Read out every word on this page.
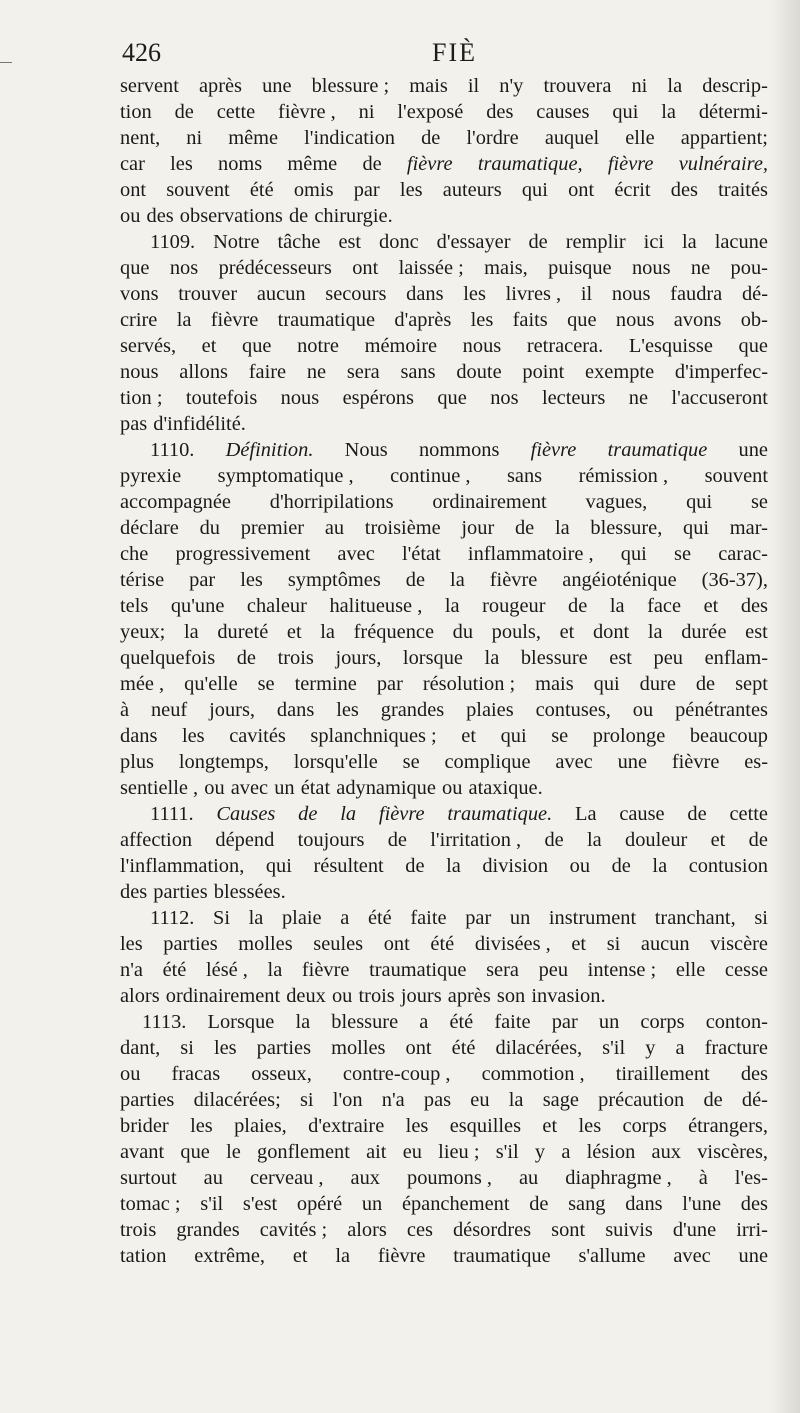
426	FIÈ
servent après une blessure ; mais il n'y trouvera ni la descrip-
tion de cette fièvre , ni l'exposé des causes qui la détermi-
nent, ni même l'indication de l'ordre auquel elle appartient;
car les noms même de fièvre traumatique, fièvre vulnéraire,
ont souvent été omis par les auteurs qui ont écrit des traités
ou des observations de chirurgie.
1109. Notre tâche est donc d'essayer de remplir ici la lacune
que nos prédécesseurs ont laissée ; mais, puisque nous ne pou-
vons trouver aucun secours dans les livres , il nous faudra dé-
crire la fièvre traumatique d'après les faits que nous avons ob-
servés, et que notre mémoire nous retracera. L'esquisse que
nous allons faire ne sera sans doute point exempte d'imperfec-
tion ; toutefois nous espérons que nos lecteurs ne l'accuseront
pas d'infidélité.
1110. Définition. Nous nommons fièvre traumatique une
pyrexie symptomatique , continue , sans rémission , souvent
accompagnée d'horripilations ordinairement vagues, qui se
déclare du premier au troisième jour de la blessure, qui mar-
che progressivement avec l'état inflammatoire , qui se carac-
térise par les symptômes de la fièvre angéioténique (36-37),
tels qu'une chaleur halitueuse , la rougeur de la face et des
yeux; la dureté et la fréquence du pouls, et dont la durée est
quelquefois de trois jours, lorsque la blessure est peu enflam-
mée , qu'elle se termine par résolution ; mais qui dure de sept
à neuf jours, dans les grandes plaies contuses, ou pénétrantes
dans les cavités splanchniques ; et qui se prolonge beaucoup
plus longtemps, lorsqu'elle se complique avec une fièvre es-
sentielle , ou avec un état adynamique ou ataxique.
1111. Causes de la fièvre traumatique. La cause de cette
affection dépend toujours de l'irritation , de la douleur et de
l'inflammation, qui résultent de la division ou de la contusion
des parties blessées.
1112. Si la plaie a été faite par un instrument tranchant, si
les parties molles seules ont été divisées , et si aucun viscère
n'a été lésé , la fièvre traumatique sera peu intense ; elle cesse
alors ordinairement deux ou trois jours après son invasion.
1113. Lorsque la blessure a été faite par un corps conton-
dant, si les parties molles ont été dilacérées, s'il y a fracture
ou fracas osseux, contre-coup , commotion , tiraillement des
parties dilacérées; si l'on n'a pas eu la sage précaution de dé-
brider les plaies, d'extraire les esquilles et les corps étrangers,
avant que le gonflement ait eu lieu ; s'il y a lésion aux viscères,
surtout au cerveau , aux poumons , au diaphragme , à l'es-
tomac ; s'il s'est opéré un épanchement de sang dans l'une des
trois grandes cavités ; alors ces désordres sont suivis d'une irri-
tation extrême, et la fièvre traumatique s'allume avec une
